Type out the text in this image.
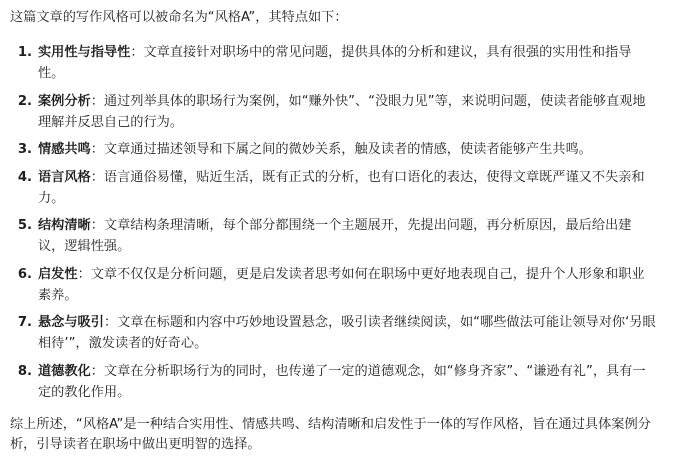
这篇文章的写作风格可以被命名为“风格A”，其特点如下：
1. 实用性与指导性：文章直接针对职场中的常见问题，提供具体的分析和建议，具有很强的实用性和指导性。
2. 案例分析：通过列举具体的职场行为案例，如“赚外快”、“没眼力见”等，来说明问题，使读者能够直观地理解并反思自己的行为。
3. 情感共鸣：文章通过描述领导和下属之间的微妙关系，触及读者的情感，使读者能够产生共鸣。
4. 语言风格：语言通俗易懂，贴近生活，既有正式的分析，也有口语化的表达，使得文章既严谨又不失亲和力。
5. 结构清晰：文章结构条理清晰，每个部分都围绕一个主题展开，先提出问题，再分析原因，最后给出建议，逻辑性强。
6. 启发性：文章不仅仅是分析问题，更是启发读者思考如何在职场中更好地表现自己，提升个人形象和职业素养。
7. 悬念与吸引：文章在标题和内容中巧妙地设置悬念，吸引读者继续阅读，如“哪些做法可能让领导对你‘另眼相待’”，激发读者的好奇心。
8. 道德教化：文章在分析职场行为的同时，也传递了一定的道德观念，如“修身齐家”、“谦逊有礼”，具有一定的教化作用。
综上所述，“风格A”是一种结合实用性、情感共鸣、结构清晰和启发性于一体的写作风格，旨在通过具体案例分析，引导读者在职场中做出更明智的选择。
